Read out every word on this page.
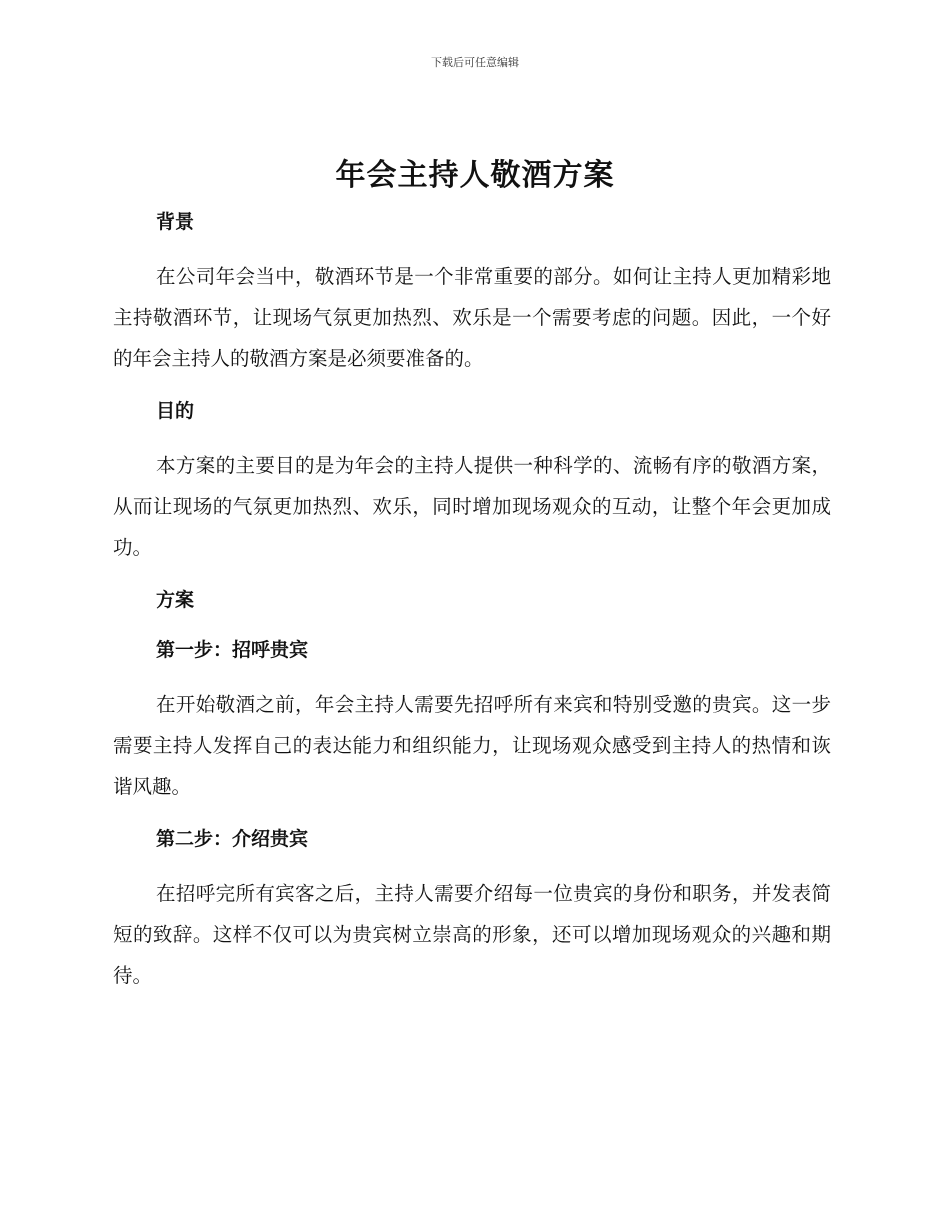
下载后可任意编辑
年会主持人敬酒方案

背景

在公司年会当中，敬酒环节是一个非常重要的部分。如何让主持人更加精彩地主持敬酒环节，让现场气氛更加热烈、欢乐是一个需要考虑的问题。因此，一个好的年会主持人的敬酒方案是必须要准备的。

目的

本方案的主要目的是为年会的主持人提供一种科学的、流畅有序的敬酒方案，从而让现场的气氛更加热烈、欢乐，同时增加现场观众的互动，让整个年会更加成功。

方案

第一步：招呼贵宾

在开始敬酒之前，年会主持人需要先招呼所有来宾和特别受邀的贵宾。这一步需要主持人发挥自己的表达能力和组织能力，让现场观众感受到主持人的热情和诙谐风趣。

第二步：介绍贵宾

在招呼完所有宾客之后，主持人需要介绍每一位贵宾的身份和职务，并发表简短的致辞。这样不仅可以为贵宾树立崇高的形象，还可以增加现场观众的兴趣和期待。
